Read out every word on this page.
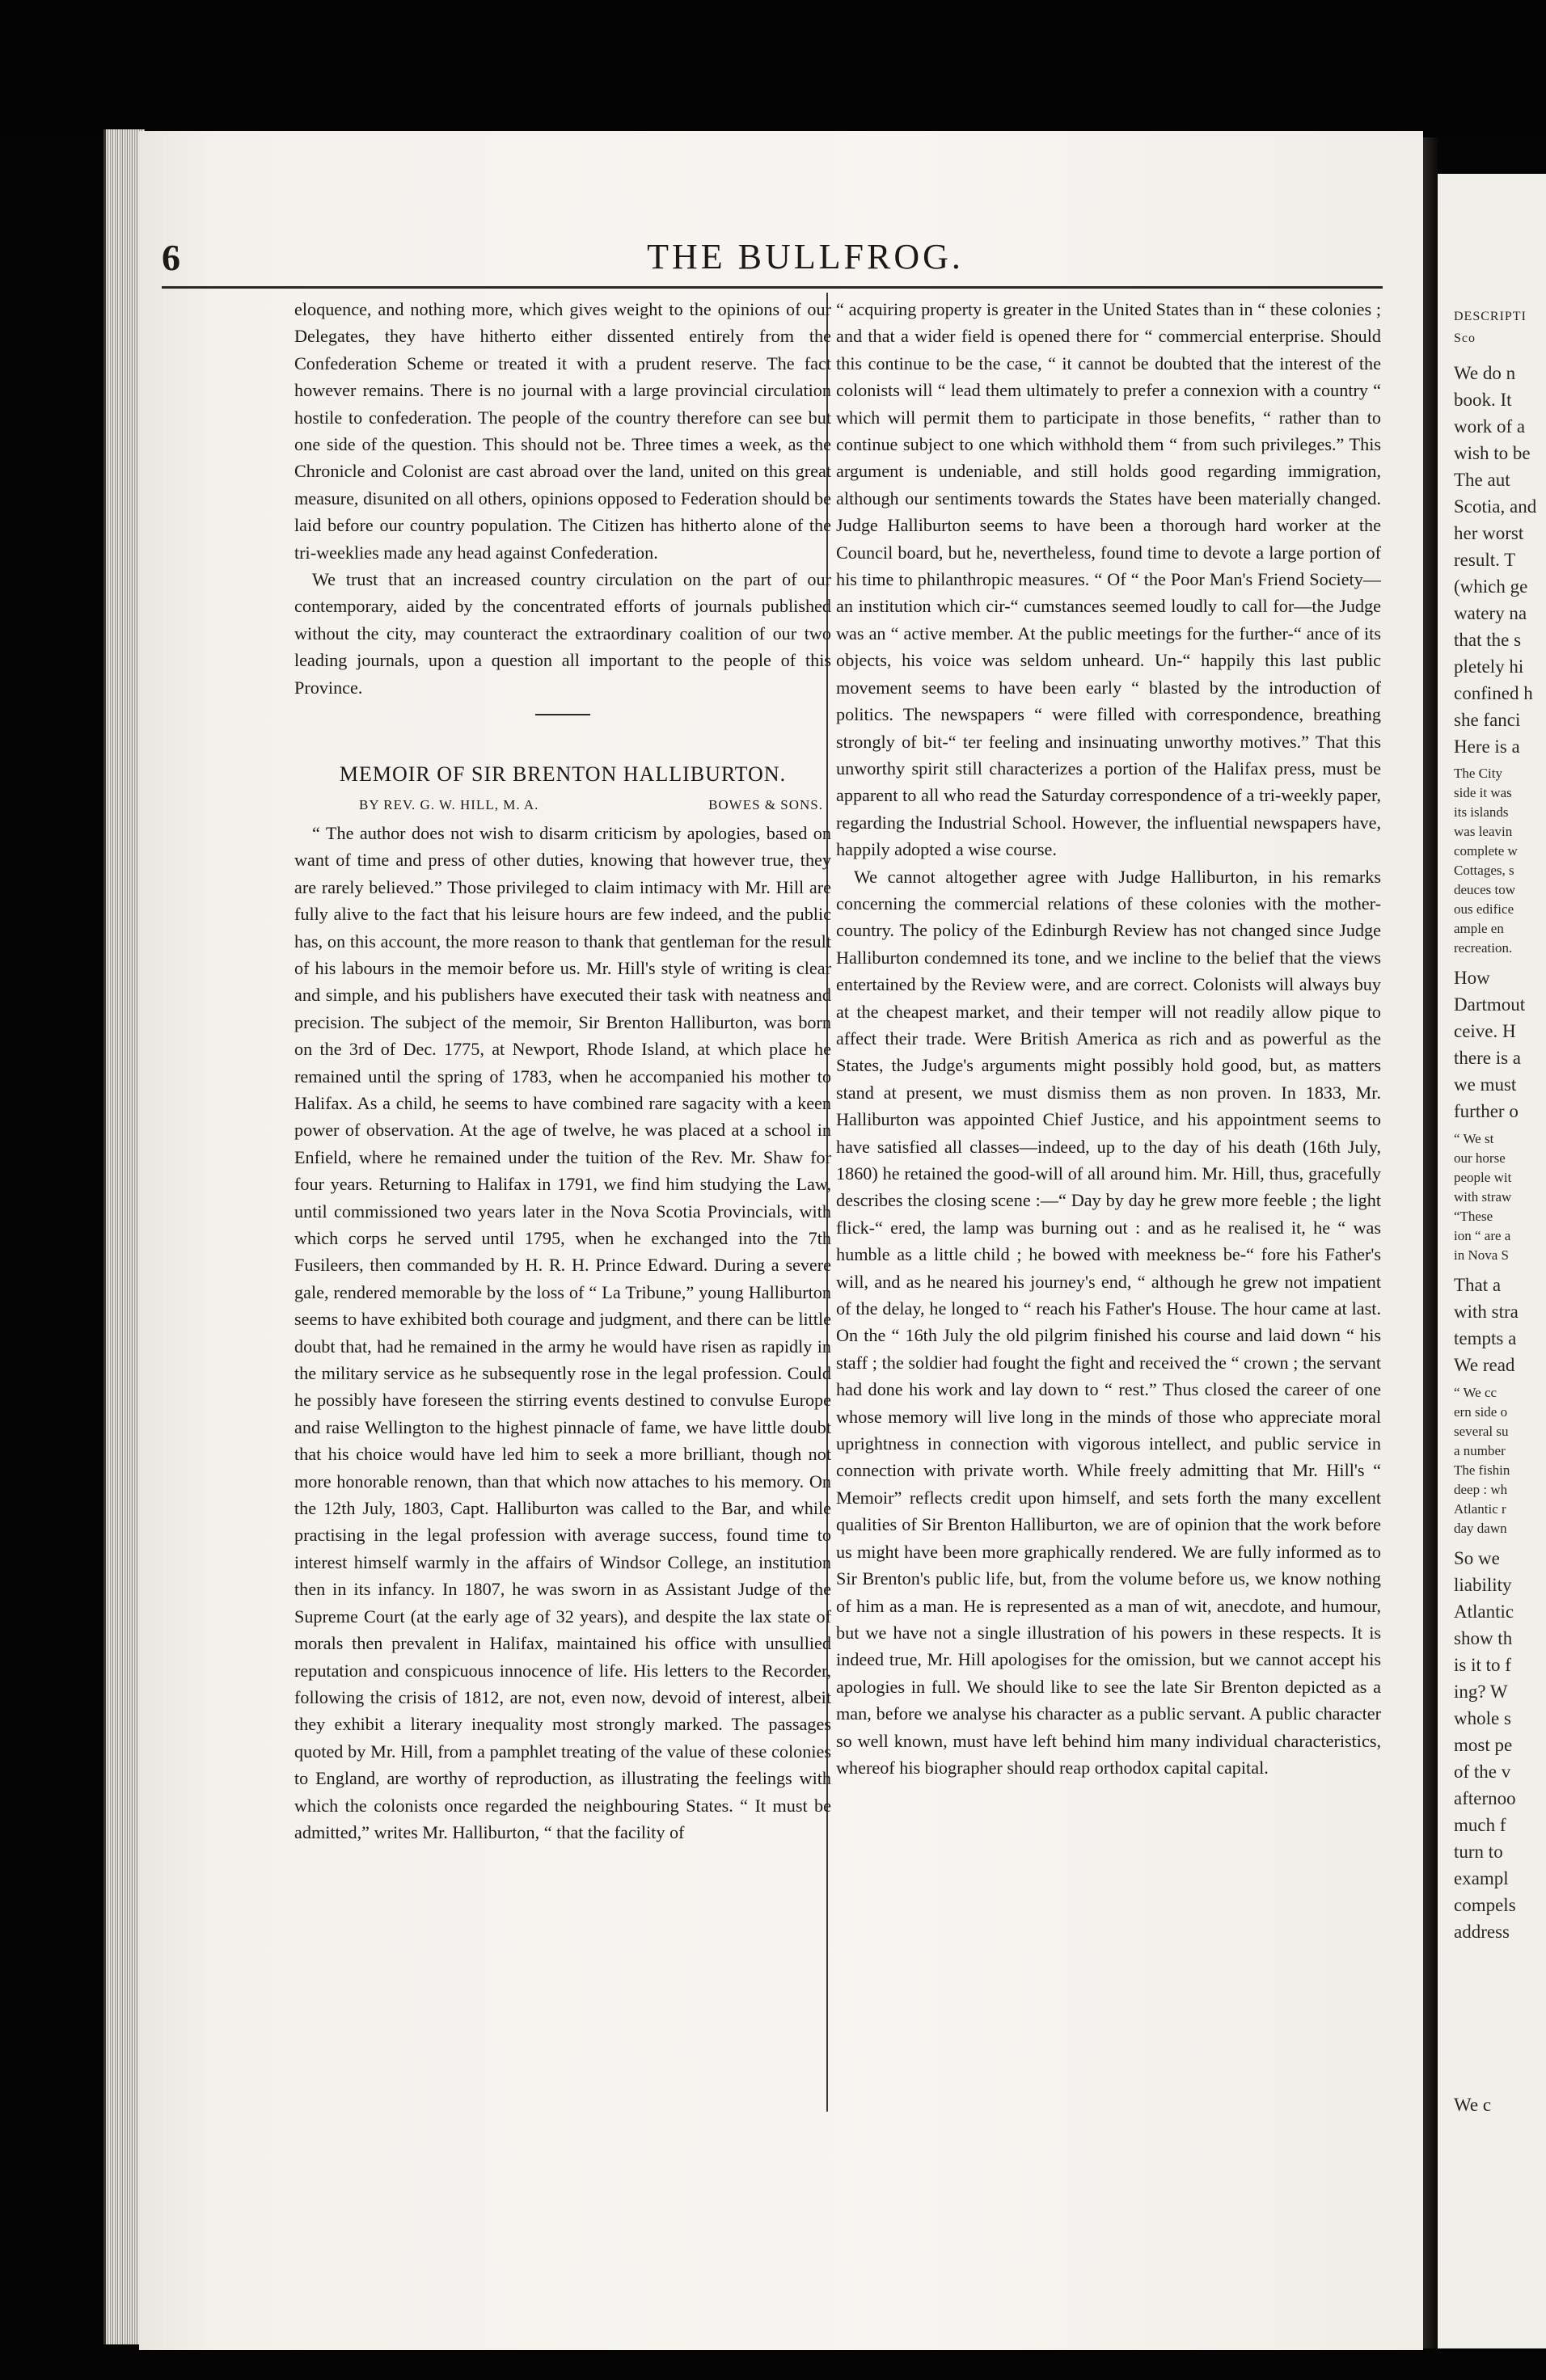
DESCRIPTI
Sco
We do n
book. It
work of a
wish to be
The aut
Scotia, and
her worst
result. T
(which ge
watery na
that the s
pletely hi
confined h
she fanci
Here is a
The City
side it was
its islands
was leavin
complete w
Cottages, s
deuces tow
ous edifice
ample en
recreation.
How
Dartmout
ceive. H
there is a
we must
further o
“ We st
our horse
people wit
with straw
“These
ion “ are a
in Nova S
That a
with stra
tempts a
We read
“ We cc
ern side o
several su
a number
The fishin
deep : wh
Atlantic r
day dawn
So we
liability
Atlantic
show th
is it to f
ing? W
whole s
most pe
of the v
afternoo
much f
turn to
exampl
compels
address
We c
6	THE BULLFROG.

eloquence, and nothing more, which gives weight to the opinions of our Delegates, they have hitherto either dissented entirely from the Confederation Scheme or treated it with a prudent reserve. The fact however remains. There is no journal with a large provincial circulation hostile to confederation. The people of the country therefore can see but one side of the question. This should not be. Three times a week, as the Chronicle and Colonist are cast abroad over the land, united on this great measure, disunited on all others, opinions opposed to Federation should be laid before our country population. The Citizen has hitherto alone of the tri-weeklies made any head against Confederation.

We trust that an increased country circulation on the part of our contemporary, aided by the concentrated efforts of journals published without the city, may counteract the extraordinary coalition of our two leading journals, upon a question all important to the people of this Province.

MEMOIR OF SIR BRENTON HALLIBURTON.
BY REV. G. W. HILL, M. A.	BOWES & SONS.

“ The author does not wish to disarm criticism by apologies, based on want of time and press of other duties, knowing that however true, they are rarely believed.” Those privileged to claim intimacy with Mr. Hill are fully alive to the fact that his leisure hours are few indeed, and the public has, on this account, the more reason to thank that gentleman for the result of his labours in the memoir before us. Mr. Hill's style of writing is clear and simple, and his publishers have executed their task with neatness and precision. The subject of the memoir, Sir Brenton Halliburton, was born on the 3rd of Dec. 1775, at Newport, Rhode Island, at which place he remained until the spring of 1783, when he accompanied his mother to Halifax. As a child, he seems to have combined rare sagacity with a keen power of observation. At the age of twelve, he was placed at a school in Enfield, where he remained under the tuition of the Rev. Mr. Shaw for four years. Returning to Halifax in 1791, we find him studying the Law, until commissioned two years later in the Nova Scotia Provincials, with which corps he served until 1795, when he exchanged into the 7th Fusileers, then commanded by H. R. H. Prince Edward. During a severe gale, rendered memorable by the loss of “ La Tribune,” young Halliburton seems to have exhibited both courage and judgment, and there can be little doubt that, had he remained in the army he would have risen as rapidly in the military service as he subsequently rose in the legal profession. Could he possibly have foreseen the stirring events destined to convulse Europe and raise Wellington to the highest pinnacle of fame, we have little doubt that his choice would have led him to seek a more brilliant, though not more honorable renown, than that which now attaches to his memory. On the 12th July, 1803, Capt. Halliburton was called to the Bar, and while practising in the legal profession with average success, found time to interest himself warmly in the affairs of Windsor College, an institution then in its infancy. In 1807, he was sworn in as Assistant Judge of the Supreme Court (at the early age of 32 years), and despite the lax state of morals then prevalent in Halifax, maintained his office with unsullied reputation and conspicuous innocence of life. His letters to the Recorder, following the crisis of 1812, are not, even now, devoid of interest, albeit they exhibit a literary inequality most strongly marked. The passages quoted by Mr. Hill, from a pamphlet treating of the value of these colonies to England, are worthy of reproduction, as illustrating the feelings with which the colonists once regarded the neighbouring States. “ It must be admitted,” writes Mr. Halliburton, “ that the facility of

“ acquiring property is greater in the United States than in “ these colonies ; and that a wider field is opened there for “ commercial enterprise. Should this continue to be the case, “ it cannot be doubted that the interest of the colonists will “ lead them ultimately to prefer a connexion with a country “ which will permit them to participate in those benefits, “ rather than to continue subject to one which withhold them “ from such privileges.” This argument is undeniable, and still holds good regarding immigration, although our sentiments towards the States have been materially changed. Judge Halliburton seems to have been a thorough hard worker at the Council board, but he, nevertheless, found time to devote a large portion of his time to philanthropic measures. “ Of “ the Poor Man's Friend Society—an institution which cir-“ cumstances seemed loudly to call for—the Judge was an “ active member. At the public meetings for the further-“ ance of its objects, his voice was seldom unheard. Un-“ happily this last public movement seems to have been early “ blasted by the introduction of politics. The newspapers “ were filled with correspondence, breathing strongly of bit-“ ter feeling and insinuating unworthy motives.” That this unworthy spirit still characterizes a portion of the Halifax press, must be apparent to all who read the Saturday correspondence of a tri-weekly paper, regarding the Industrial School. However, the influential newspapers have, happily adopted a wise course.

We cannot altogether agree with Judge Halliburton, in his remarks concerning the commercial relations of these colonies with the mother-country. The policy of the Edinburgh Review has not changed since Judge Halliburton condemned its tone, and we incline to the belief that the views entertained by the Review were, and are correct. Colonists will always buy at the cheapest market, and their temper will not readily allow pique to affect their trade. Were British America as rich and as powerful as the States, the Judge's arguments might possibly hold good, but, as matters stand at present, we must dismiss them as non proven. In 1833, Mr. Halliburton was appointed Chief Justice, and his appointment seems to have satisfied all classes—indeed, up to the day of his death (16th July, 1860) he retained the good-will of all around him. Mr. Hill, thus, gracefully describes the closing scene :—“ Day by day he grew more feeble ; the light flick-“ ered, the lamp was burning out : and as he realised it, he “ was humble as a little child ; he bowed with meekness be-“ fore his Father's will, and as he neared his journey's end, “ although he grew not impatient of the delay, he longed to “ reach his Father's House. The hour came at last. On the “ 16th July the old pilgrim finished his course and laid down “ his staff ; the soldier had fought the fight and received the “ crown ; the servant had done his work and lay down to “ rest.” Thus closed the career of one whose memory will live long in the minds of those who appreciate moral uprightness in connection with vigorous intellect, and public service in connection with private worth. While freely admitting that Mr. Hill's “ Memoir” reflects credit upon himself, and sets forth the many excellent qualities of Sir Brenton Halliburton, we are of opinion that the work before us might have been more graphically rendered. We are fully informed as to Sir Brenton's public life, but, from the volume before us, we know nothing of him as a man. He is represented as a man of wit, anecdote, and humour, but we have not a single illustration of his powers in these respects. It is indeed true, Mr. Hill apologises for the omission, but we cannot accept his apologies in full. We should like to see the late Sir Brenton depicted as a man, before we analyse his character as a public servant. A public character so well known, must have left behind him many individual characteristics, whereof his biographer should reap orthodox capital capital.
